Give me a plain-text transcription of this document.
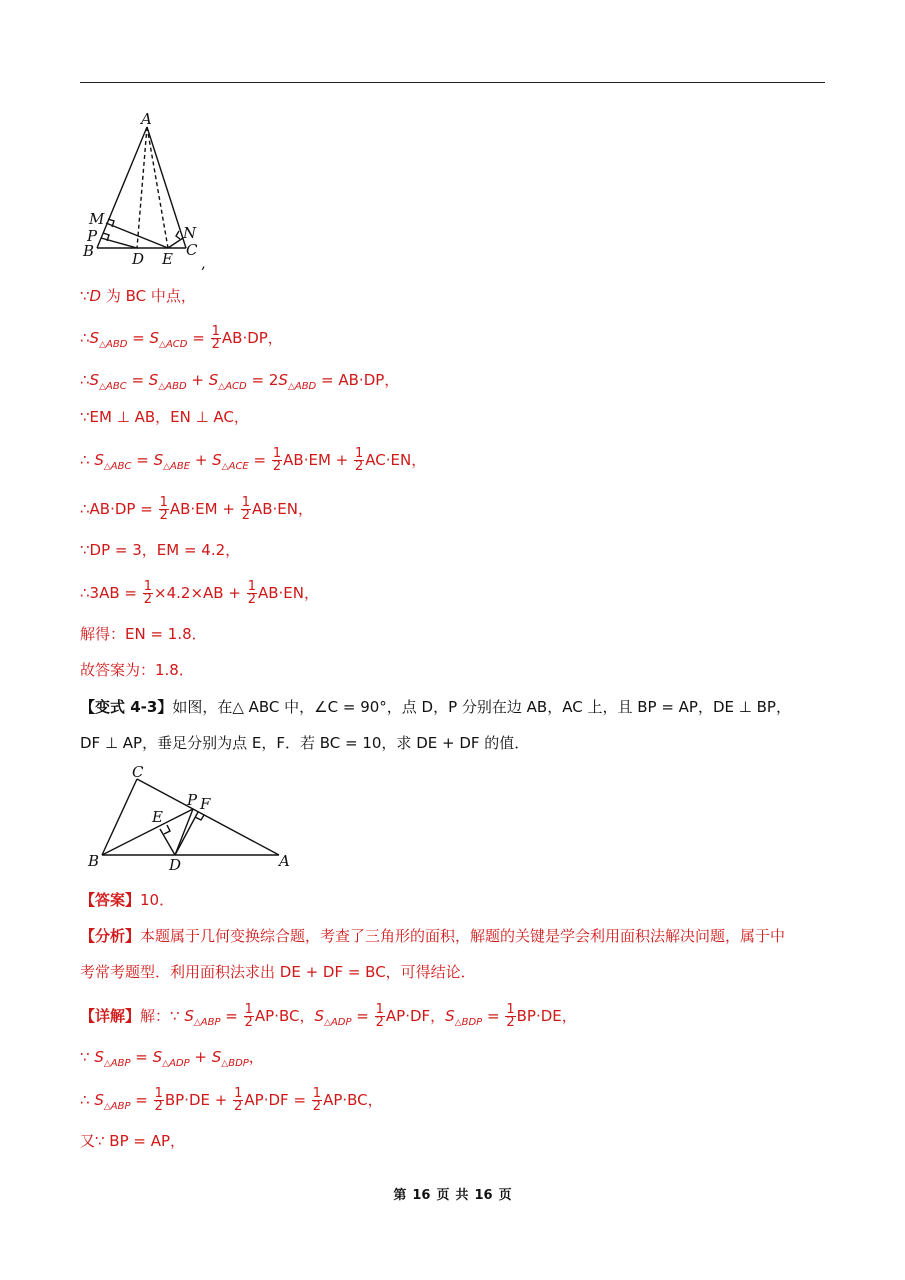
A
M
P
B	D E
N
C
,
∵D 为 BC 中点，
$\therefore S_{\triangle ABD} = S_{\triangle ACD} = \frac{1}{2} AB\cdot DP$，
$\therefore S_{\triangle ABC} = S_{\triangle ABD} + S_{\triangle ACD} = 2S_{\triangle ABD} = AB\cdot DP$，
∵EM ⊥ AB，EN ⊥ AC，
∴ $S_{\triangle ABC} = S_{\triangle ABE} + S_{\triangle ACE} = \frac{1}{2} AB\cdot EM + \frac{1}{2} AC\cdot EN$，
∴AB·DP = $\frac{1}{2} AB\cdot EM + \frac{1}{2} AB\cdot EN$，
∵DP = 3，EM = 4.2，
∴3AB = $\frac{1}{2} \times 4.2\times AB + \frac{1}{2} AB\cdot EN$，
解得：EN = 1.8．
故答案为：1.8．
【变式 4-3】如图，在△ ABC 中，∠C = 90°，点 D，P 分别在边 AB，AC 上，且 BP = AP，DE ⊥ BP，
DF ⊥ AP，垂足分别为点 E，F．若 BC = 10，求 DE + DF 的值．
C
P F
E
B	D	A
【答案】10．
【分析】本题属于几何变换综合题，考查了三角形的面积，解题的关键是学会利用面积法解决问题，属于中
考常考题型．利用面积法求出 DE + DF = BC，可得结论．
【详解】解：∵ $S_{\triangle ABP} = \frac{1}{2} AP\cdot BC$，$S_{\triangle ADP} = \frac{1}{2} AP\cdot DF$，$S_{\triangle BDP} = \frac{1}{2} BP\cdot DE$，
∵ $S_{\triangle ABP} = S_{\triangle ADP} + S_{\triangle BDP}$，
∴ $S_{\triangle ABP} = \frac{1}{2} BP\cdot DE + \frac{1}{2} AP\cdot DF = \frac{1}{2} AP\cdot BC$，
又∵ BP = AP，
第 16 页 共 16 页
